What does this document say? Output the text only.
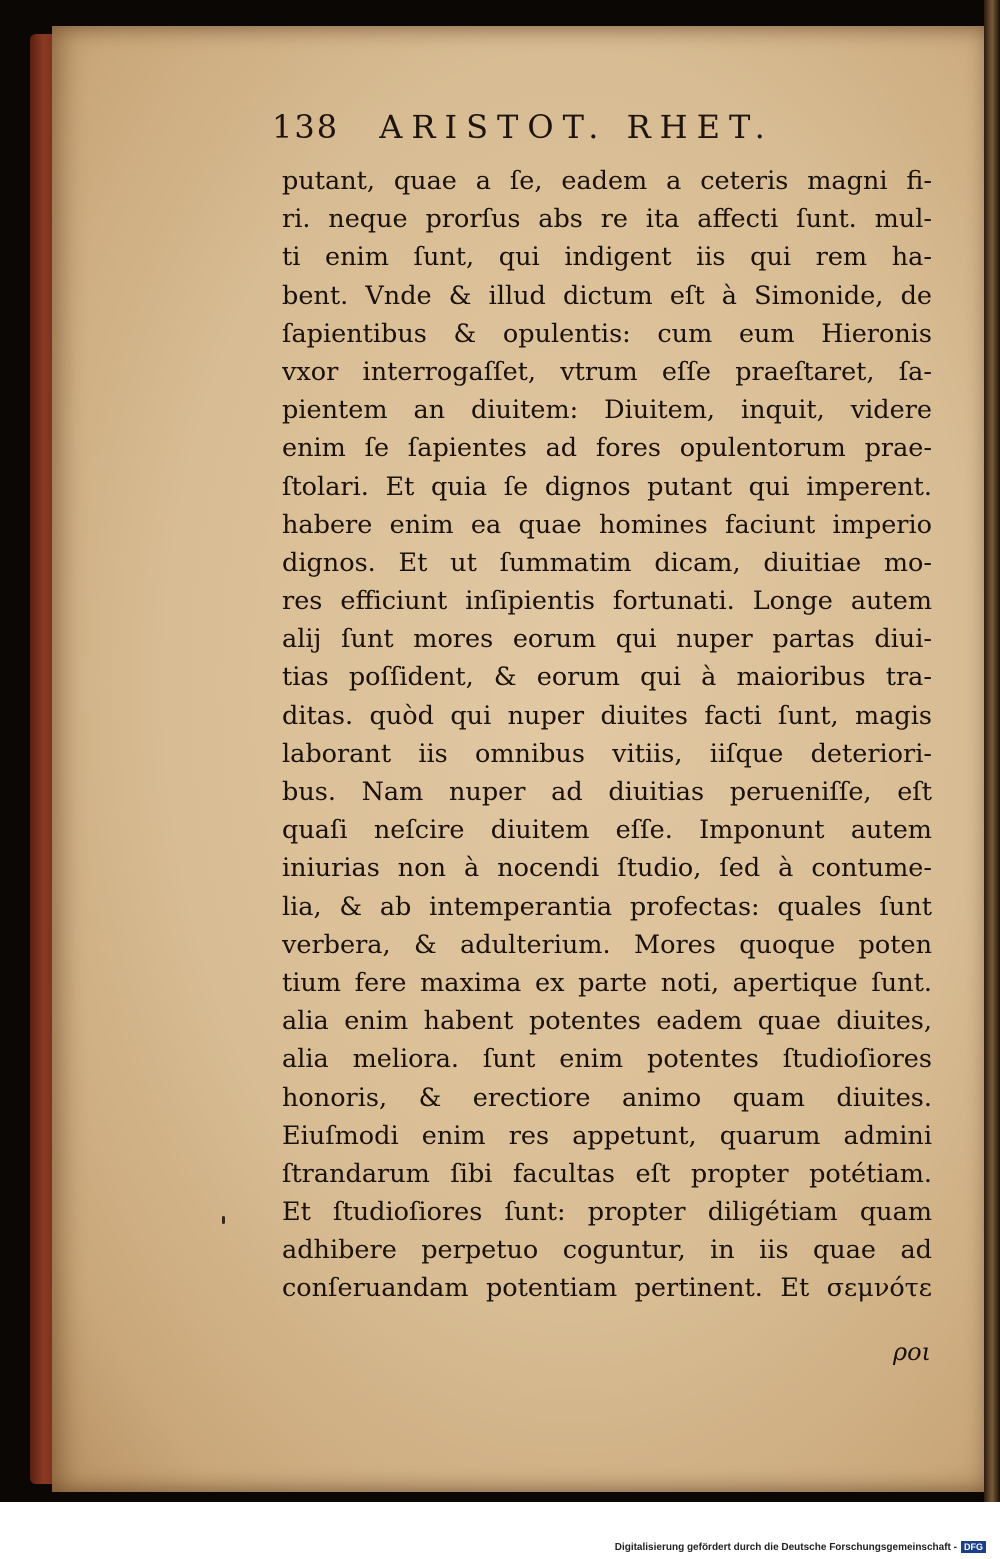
138 ARISTOT. RHET.
putant, quae a ſe, eadem a ceteris magni fi-
ri. neque prorſus abs re ita affecti ſunt. mul-
ti enim ſunt, qui indigent iis qui rem ha-
bent. Vnde & illud dictum eſt à Simonide, de
ſapientibus & opulentis: cum eum Hieronis
vxor interrogaſſet, vtrum eſſe praeſtaret, ſa-
pientem an diuitem: Diuitem, inquit, videre
enim ſe ſapientes ad fores opulentorum prae-
ſtolari. Et quia ſe dignos putant qui imperent.
habere enim ea quae homines faciunt imperio
dignos. Et ut ſummatim dicam, diuitiae mo-
res efficiunt inſipientis fortunati. Longe autem
alij ſunt mores eorum qui nuper partas diui-
tias poſſident, & eorum qui à maioribus tra-
ditas. quòd qui nuper diuites facti ſunt, magis
laborant iis omnibus vitiis, iiſque deteriori-
bus. Nam nuper ad diuitias perueniſſe, eſt
quaſi neſcire diuitem eſſe. Imponunt autem
iniurias non à nocendi ſtudio, ſed à contume-
lia, & ab intemperantia profectas: quales ſunt
verbera, & adulterium. Mores quoque poten
tium fere maxima ex parte noti, apertique ſunt.
alia enim habent potentes eadem quae diuites,
alia meliora. ſunt enim potentes ſtudioſiores
honoris, & erectiore animo quam diuites.
Eiuſmodi enim res appetunt, quarum admini
ſtrandarum ſibi facultas eſt propter potétiam.
Et ſtudioſiores ſunt: propter diligétiam quam
adhibere perpetuo coguntur, in iis quae ad
conſeruandam potentiam pertinent. Et σεμνότε
ροι
Digitalisierung gefördert durch die Deutsche Forschungsgemeinschaft - DFG
